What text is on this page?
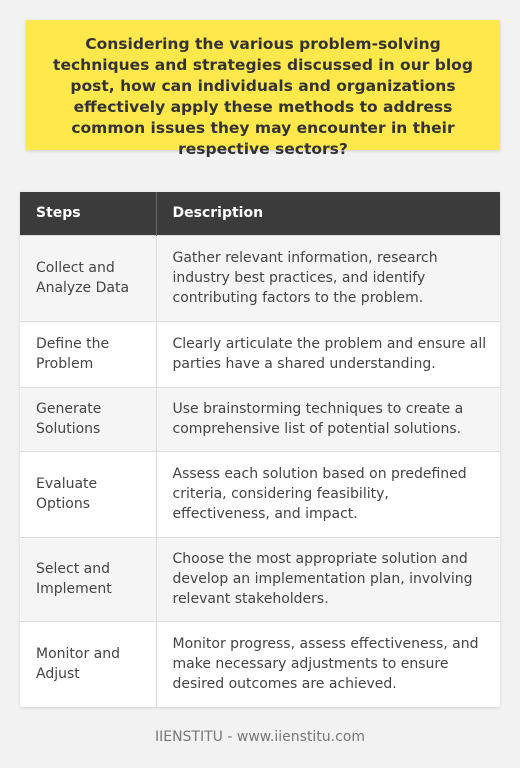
Considering the various problem-solving techniques and strategies discussed in our blog post, how can individuals and organizations effectively apply these methods to address common issues they may encounter in their respective sectors?

Steps	Description
Collect and Analyze Data	Gather relevant information, research industry best practices, and identify contributing factors to the problem.
Define the Problem	Clearly articulate the problem and ensure all parties have a shared understanding.
Generate Solutions	Use brainstorming techniques to create a comprehensive list of potential solutions.
Evaluate Options	Assess each solution based on predefined criteria, considering feasibility, effectiveness, and impact.
Select and Implement	Choose the most appropriate solution and develop an implementation plan, involving relevant stakeholders.
Monitor and Adjust	Monitor progress, assess effectiveness, and make necessary adjustments to ensure desired outcomes are achieved.
IIENSTITU - www.iienstitu.com
